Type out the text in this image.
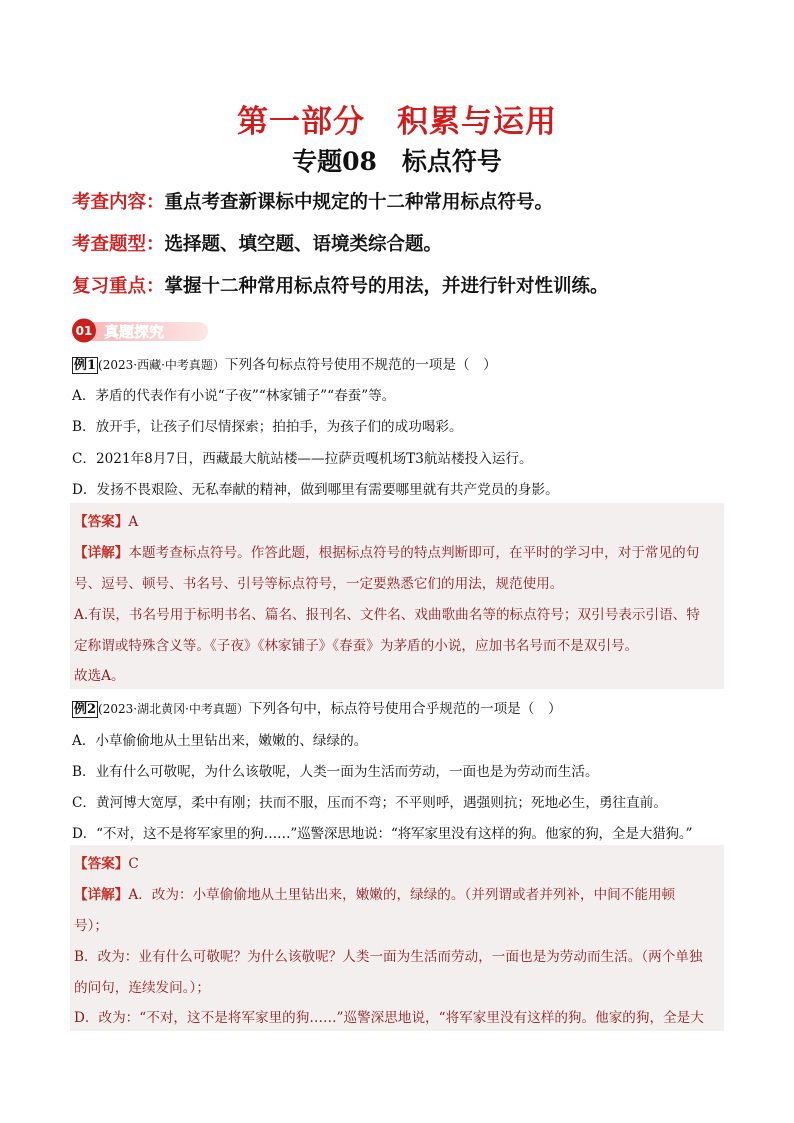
第一部分　积累与运用
专题08　标点符号
考查内容：重点考查新课标中规定的十二种常用标点符号。
考查题型：选择题、填空题、语境类综合题。
复习重点：掌握十二种常用标点符号的用法，并进行针对性训练。
01 真题探究
例1 (2023·西藏·中考真题）下列各句标点符号使用不规范的一项是（　）
A．茅盾的代表作有小说“子夜”“林家铺子”“春蚕”等。
B．放开手，让孩子们尽情探索；拍拍手，为孩子们的成功喝彩。
C．2021年8月7日，西藏最大航站楼——拉萨贡嘎机场T3航站楼投入运行。
D．发扬不畏艰险、无私奉献的精神，做到哪里有需要哪里就有共产党员的身影。
【答案】A
【详解】本题考查标点符号。作答此题，根据标点符号的特点判断即可，在平时的学习中，对于常见的句
号、逗号、顿号、书名号、引号等标点符号，一定要熟悉它们的用法，规范使用。
A.有误，书名号用于标明书名、篇名、报刊名、文件名、戏曲歌曲名等的标点符号；双引号表示引语、特
定称谓或特殊含义等。《子夜》《林家铺子》《春蚕》为茅盾的小说，应加书名号而不是双引号。
故选A。
例2 (2023·湖北黄冈·中考真题）下列各句中，标点符号使用合乎规范的一项是（　）
A．小草偷偷地从土里钻出来，嫩嫩的、绿绿的。
B．业有什么可敬呢，为什么该敬呢，人类一面为生活而劳动，一面也是为劳动而生活。
C．黄河博大宽厚，柔中有刚；扶而不服，压而不弯；不平则呼，遇强则抗；死地必生，勇往直前。
D．“不对，这不是将军家里的狗……”巡警深思地说：“将军家里没有这样的狗。他家的狗，全是大猎狗。”
【答案】C
【详解】A．改为：小草偷偷地从土里钻出来，嫩嫩的，绿绿的。（并列谓或者并列补，中间不能用顿
号）；
B．改为：业有什么可敬呢？为什么该敬呢？人类一面为生活而劳动，一面也是为劳动而生活。（两个单独
的问句，连续发问。）；
D．改为：“不对，这不是将军家里的狗……”巡警深思地说，“将军家里没有这样的狗。他家的狗，全是大
